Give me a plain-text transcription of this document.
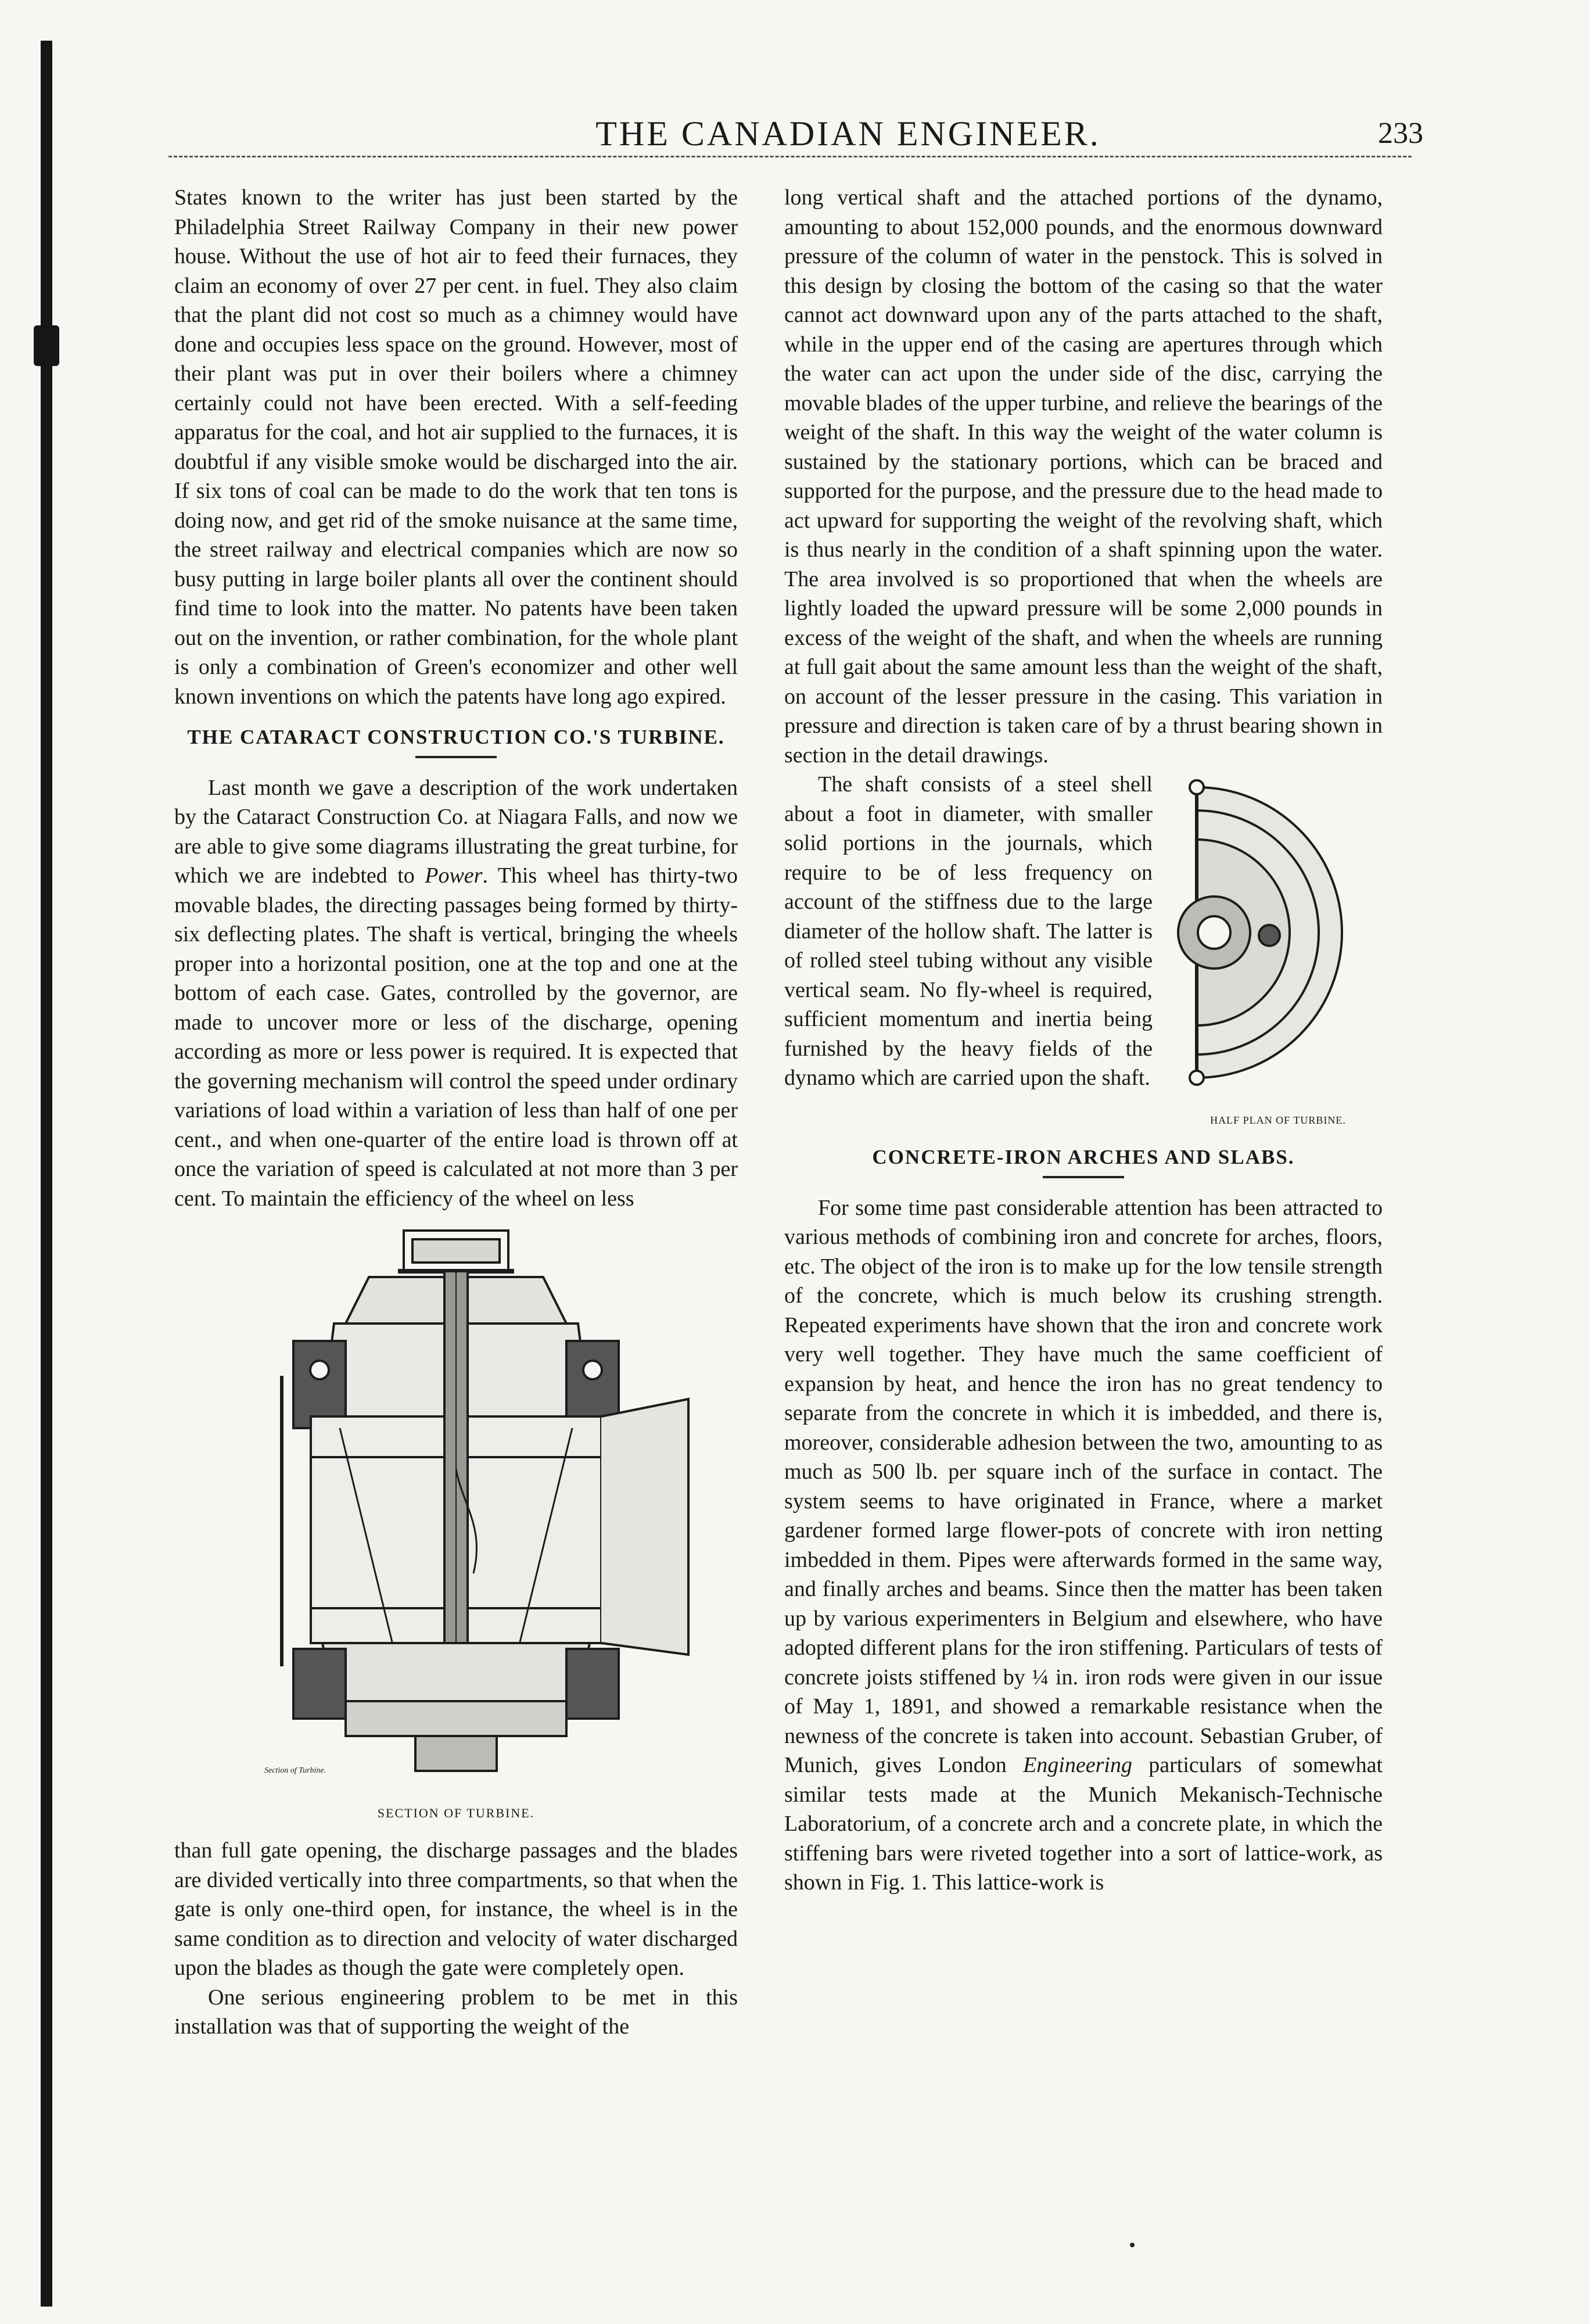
THE CANADIAN ENGINEER.	233

States known to the writer has just been started by the Philadelphia Street Railway Company in their new power house. Without the use of hot air to feed their furnaces, they claim an economy of over 27 per cent. in fuel. They also claim that the plant did not cost so much as a chimney would have done and occupies less space on the ground. However, most of their plant was put in over their boilers where a chimney certainly could not have been erected. With a self-feeding apparatus for the coal, and hot air supplied to the furnaces, it is doubtful if any visible smoke would be discharged into the air. If six tons of coal can be made to do the work that ten tons is doing now, and get rid of the smoke nuisance at the same time, the street railway and electrical companies which are now so busy putting in large boiler plants all over the continent should find time to look into the matter. No patents have been taken out on the invention, or rather combination, for the whole plant is only a combination of Green's economizer and other well known inventions on which the patents have long ago expired.

THE CATARACT CONSTRUCTION CO.'S TURBINE.

Last month we gave a description of the work undertaken by the Cataract Construction Co. at Niagara Falls, and now we are able to give some diagrams illustrating the great turbine, for which we are indebted to Power. This wheel has thirty-two movable blades, the directing passages being formed by thirty-six deflecting plates. The shaft is vertical, bringing the wheels proper into a horizontal position, one at the top and one at the bottom of each case. Gates, controlled by the governor, are made to uncover more or less of the discharge, opening according as more or less power is required. It is expected that the governing mechanism will control the speed under ordinary variations of load within a variation of less than half of one per cent., and when one-quarter of the entire load is thrown off at once the variation of speed is calculated at not more than 3 per cent. To maintain the efficiency of the wheel on less

Section of Turbine.
SECTION OF TURBINE.

than full gate opening, the discharge passages and the blades are divided vertically into three compartments, so that when the gate is only one-third open, for instance, the wheel is in the same condition as to direction and velocity of water discharged upon the blades as though the gate were completely open.

One serious engineering problem to be met in this installation was that of supporting the weight of the

long vertical shaft and the attached portions of the dynamo, amounting to about 152,000 pounds, and the enormous downward pressure of the column of water in the penstock. This is solved in this design by closing the bottom of the casing so that the water cannot act downward upon any of the parts attached to the shaft, while in the upper end of the casing are apertures through which the water can act upon the under side of the disc, carrying the movable blades of the upper turbine, and relieve the bearings of the weight of the shaft. In this way the weight of the water column is sustained by the stationary portions, which can be braced and supported for the purpose, and the pressure due to the head made to act upward for supporting the weight of the revolving shaft, which is thus nearly in the condition of a shaft spinning upon the water. The area involved is so proportioned that when the wheels are lightly loaded the upward pressure will be some 2,000 pounds in excess of the weight of the shaft, and when the wheels are running at full gait about the same amount less than the weight of the shaft, on account of the lesser pressure in the casing. This variation in pressure and direction is taken care of by a thrust bearing shown in section in the detail drawings.

HALF PLAN OF TURBINE.

The shaft consists of a steel shell about a foot in diameter, with smaller solid portions in the journals, which require to be of less frequency on account of the stiffness due to the large diameter of the hollow shaft. The latter is of rolled steel tubing without any visible vertical seam. No fly-wheel is required, sufficient momentum and inertia being furnished by the heavy fields of the dynamo which are carried upon the shaft.

CONCRETE-IRON ARCHES AND SLABS.

For some time past considerable attention has been attracted to various methods of combining iron and concrete for arches, floors, etc. The object of the iron is to make up for the low tensile strength of the concrete, which is much below its crushing strength. Repeated experiments have shown that the iron and concrete work very well together. They have much the same coefficient of expansion by heat, and hence the iron has no great tendency to separate from the concrete in which it is imbedded, and there is, moreover, considerable adhesion between the two, amounting to as much as 500 lb. per square inch of the surface in contact. The system seems to have originated in France, where a market gardener formed large flower-pots of concrete with iron netting imbedded in them. Pipes were afterwards formed in the same way, and finally arches and beams. Since then the matter has been taken up by various experimenters in Belgium and elsewhere, who have adopted different plans for the iron stiffening. Particulars of tests of concrete joists stiffened by ¼ in. iron rods were given in our issue of May 1, 1891, and showed a remarkable resistance when the newness of the concrete is taken into account. Sebastian Gruber, of Munich, gives London Engineering particulars of somewhat similar tests made at the Munich Mekanisch-Technische Laboratorium, of a concrete arch and a concrete plate, in which the stiffening bars were riveted together into a sort of lattice-work, as shown in Fig. 1. This lattice-work is
